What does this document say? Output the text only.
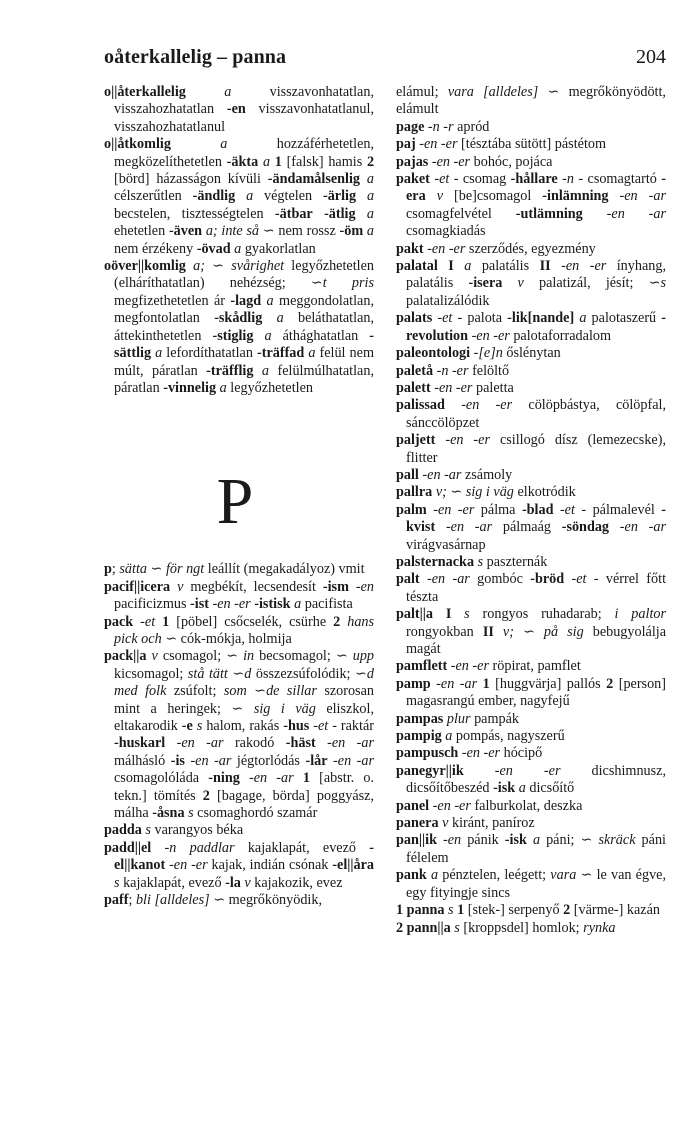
oåterkallelig – panna	204

o||återkallelig	a visszavonhatatlan, visszahozhatatlan -en visszavonhatatlanul, visszahozhatatlanul

o||åtkomlig	a hozzáférhetetlen, megközelíthetetlen -äkta a 1 [falsk] hamis 2 [börd] házasságon kívüli -ändamålsenlig a célszerűtlen -ändlig a végtelen -ärlig a becstelen, tisztességtelen -ätbar -ätlig a ehetetlen -även a; inte så ∽ nem rossz -öm a nem érzékeny -övad a gyakorlatlan

oöver||komlig a; ∽ svårighet legyőzhetetlen (elháríthatatlan) nehézség; ∽t pris megfizethetetlen ár -lagd a meggondolatlan, megfontolatlan -skådlig a beláthatatlan, áttekinthetetlen -stiglig a áthághatatlan -sättlig a lefordíthatatlan -träffad a felül nem múlt, páratlan -träfflig a felülmúlhatatlan, páratlan -vinnelig a legyőzhetetlen

P

p; sätta ∽ för ngt leállít (megakadályoz) vmit

pacif||icera v megbékít, lecsendesít -ism -en pacificizmus -ist -en -er -istisk a pacifista

pack -et 1 [pöbel] csőcselék, csürhe 2 hans pick och ∽ cók-mókja, holmija

pack||a v csomagol; ∽ in becsomagol; ∽ upp kicsomagol; stå tätt ∽d összezsúfolódik; ∽d med folk zsúfolt; som ∽de sillar szorosan mint a heringek; ∽ sig i väg eliszkol, eltakarodik -e s halom, rakás -hus -et - raktár -huskarl -en -ar rakodó -häst -en -ar málhásló -is -en -ar jégtorlódás -lår -en -ar csomagolóláda -ning -en -ar 1 [abstr. o. tekn.] tömítés 2 [bagage, börda] poggyász, málha -åsna s csomaghordó szamár

padda s varangyos béka

padd||el -n paddlar kajaklapát, evező -el||kanot -en -er kajak, indián csónak -el||åra s kajaklapát, evező -la v kajakozik, evez

paff; bli [alldeles] ∽ megrőkönyödik,

elámul; vara [alldeles] ∽ megrőkönyödött, elámult

page -n -r apród

paj -en -er [tésztába sütött] pástétom

pajas -en -er bohóc, pojáca

paket -et - csomag -hållare -n - csomagtartó -era v [be]csomagol -inlämning -en -ar csomagfelvétel -utlämning -en -ar csomagkiadás

pakt -en -er szerződés, egyezmény

palatal I a palatális II -en -er ínyhang, palatális -isera v palatizál, jésít; ∽s palatalizálódik

palats -et - palota -lik[nande] a palotaszerű -revolution -en -er palotaforradalom

paleontologi -[e]n őslénytan

paletå -n -er felöltő

palett -en -er paletta

palissad -en -er cölöpbástya, cölöpfal, sánccölöpzet

paljett -en -er csillogó dísz (lemezecske), flitter

pall -en -ar zsámoly

pallra v; ∽ sig i väg elkotródik

palm -en -er pálma -blad -et - pálmalevél -kvist -en -ar pálmaág -söndag -en -ar virágvasárnap

palsternacka s paszternák

palt -en -ar gombóc -bröd -et - vérrel főtt tészta

palt||a I s rongyos ruhadarab; i paltor rongyokban II v; ∽ på sig bebugyolálja magát

pamflett -en -er röpirat, pamflet

pamp -en -ar 1 [huggvärja] pallós 2 [person] magasrangú ember, nagyfejű

pampas plur pampák

pampig a pompás, nagyszerű

pampusch -en -er hócipő

panegyr||ik -en -er dicshimnusz, dicsőítőbeszéd -isk a dicsőítő

panel -en -er falburkolat, deszka

panera v kiránt, paníroz

pan||ik -en pánik -isk a páni; ∽ skräck páni félelem

pank a pénztelen, leégett; vara ∽ le van égve, egy fityingje sincs

1 panna s 1 [stek-] serpenyő 2 [värme-] kazán

2 pann||a s [kroppsdel] homlok; rynka
